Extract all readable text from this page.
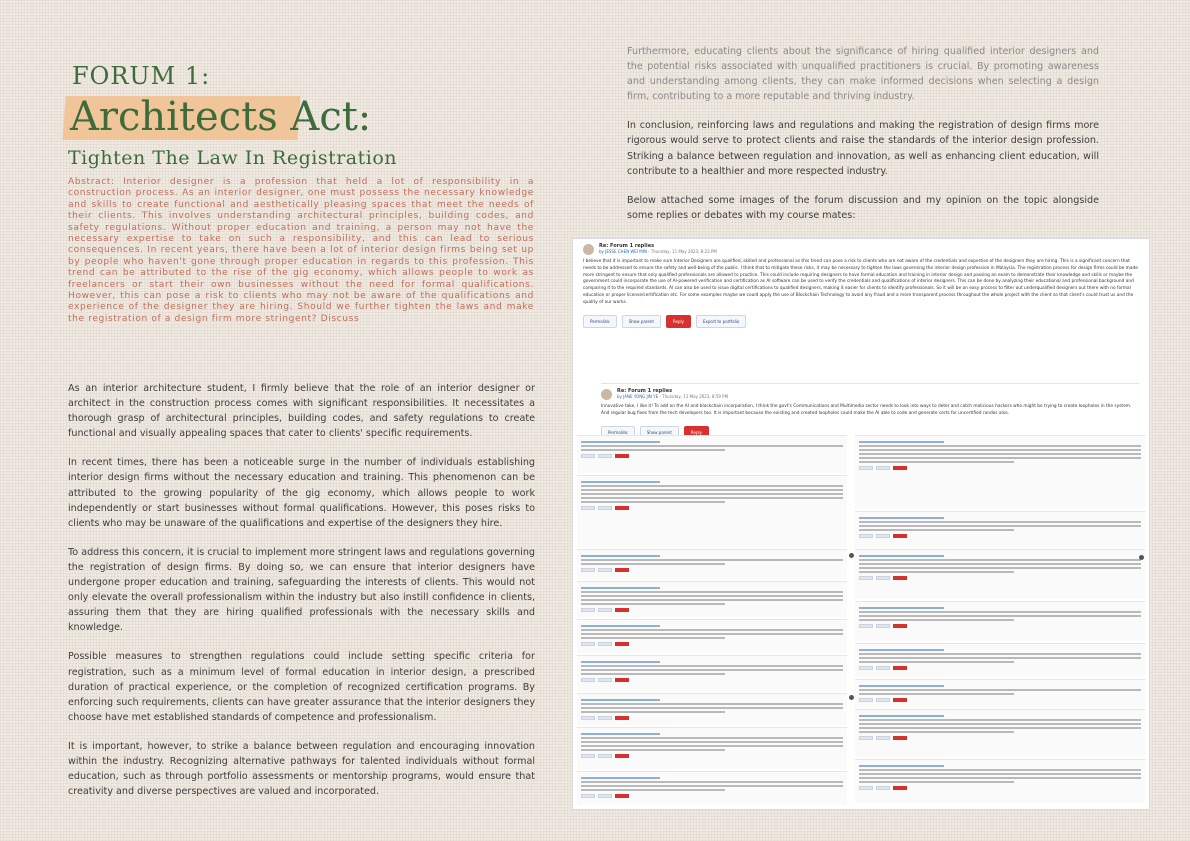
FORUM 1:
Architects Act:
Tighten The Law In Registration
Abstract: Interior designer is a profession that held a lot of responsibility in a construction process. As an interior designer, one must possess the necessary knowledge and skills to create functional and aesthetically pleasing spaces that meet the needs of their clients. This involves understanding architectural principles, building codes, and safety regulations. Without proper education and training, a person may not have the necessary expertise to take on such a responsibility, and this can lead to serious consequences. In recent years, there have been a lot of interior design firms being set up by people who haven't gone through proper education in regards to this profession. This trend can be attributed to the rise of the gig economy, which allows people to work as freelancers or start their own businesses without the need for formal qualifications. However, this can pose a risk to clients who may not be aware of the qualifications and experience of the designer they are hiring. Should we further tighten the laws and make the registration of a design firm more stringent? Discuss

As an interior architecture student, I firmly believe that the role of an interior designer or architect in the construction process comes with significant responsibilities. It necessitates a thorough grasp of architectural principles, building codes, and safety regulations to create functional and visually appealing spaces that cater to clients' specific requirements.

In recent times, there has been a noticeable surge in the number of individuals establishing interior design firms without the necessary education and training. This phenomenon can be attributed to the growing popularity of the gig economy, which allows people to work independently or start businesses without formal qualifications. However, this poses risks to clients who may be unaware of the qualifications and expertise of the designers they hire.

To address this concern, it is crucial to implement more stringent laws and regulations governing the registration of design firms. By doing so, we can ensure that interior designers have undergone proper education and training, safeguarding the interests of clients. This would not only elevate the overall professionalism within the industry but also instill confidence in clients, assuring them that they are hiring qualified professionals with the necessary skills and knowledge.

Possible measures to strengthen regulations could include setting specific criteria for registration, such as a minimum level of formal education in interior design, a prescribed duration of practical experience, or the completion of recognized certification programs. By enforcing such requirements, clients can have greater assurance that the interior designers they choose have met established standards of competence and professionalism.

It is important, however, to strike a balance between regulation and encouraging innovation within the industry. Recognizing alternative pathways for talented individuals without formal education, such as through portfolio assessments or mentorship programs, would ensure that creativity and diverse perspectives are valued and incorporated.

Furthermore, educating clients about the significance of hiring qualified interior designers and the potential risks associated with unqualified practitioners is crucial. By promoting awareness and understanding among clients, they can make informed decisions when selecting a design firm, contributing to a more reputable and thriving industry.

In conclusion, reinforcing laws and regulations and making the registration of design firms more rigorous would serve to protect clients and raise the standards of the interior design profession. Striking a balance between regulation and innovation, as well as enhancing client education, will contribute to a healthier and more respected industry.

Below attached some images of the forum discussion and my opinion on the topic alongside some replies or debates with my course mates:

Re: Forum 1 replies
by JESSE CHEN WEI MIN - Thursday, 11 May 2023, 8:23 PM
I believe that it is important to make sure Interior Designers are qualified, skilled and professional as this trend can pose a risk to clients who are not aware of the credentials and expertise of the designers they are hiring. This is a significant concern that needs to be addressed to ensure the safety and well-being of the public. I think that to mitigate these risks, it may be necessary to tighten the laws governing the interior design profession in Malaysia. The registration process for design firms could be made more stringent to ensure that only qualified professionals are allowed to practice. This could include requiring designers to have formal education and training in interior design and passing an exam to demonstrate their knowledge and skills or maybe the government could incorporate the use of AI-powered verification and certification as AI software can be used to verify the credentials and qualifications of interior designers. This can be done by analyzing their educational and professional background and comparing it to the required standards. AI can also be used to issue digital certifications to qualified designers, making it easier for clients to identify professionals. So it will be an easy process to filter out underqualified designers out there with no formal education or proper license/certification etc. For some examples maybe we could apply the use of Blockchain Technology to avoid any fraud and a more transparent process throughout the whole project with the client so that client's could trust us and the quality of our works.
Permalink	Show parent	Reply	Export to portfolio
Re: Forum 1 replies
by JANE YONG JIN YE - Thursday, 11 May 2023, 8:59 PM
Innovative take, I like it! To add on the AI and blockchain incorporation, I think the govt's Communications and Multimedia sector needs to look into ways to deter and catch malicious hackers who might be trying to create loopholes in the system. And regular bug fixes from the tech developers too. It is important because the existing and created loopholes could make the AI able to code and generate certs for uncertified randos also.
Permalink	Show parent	Reply
